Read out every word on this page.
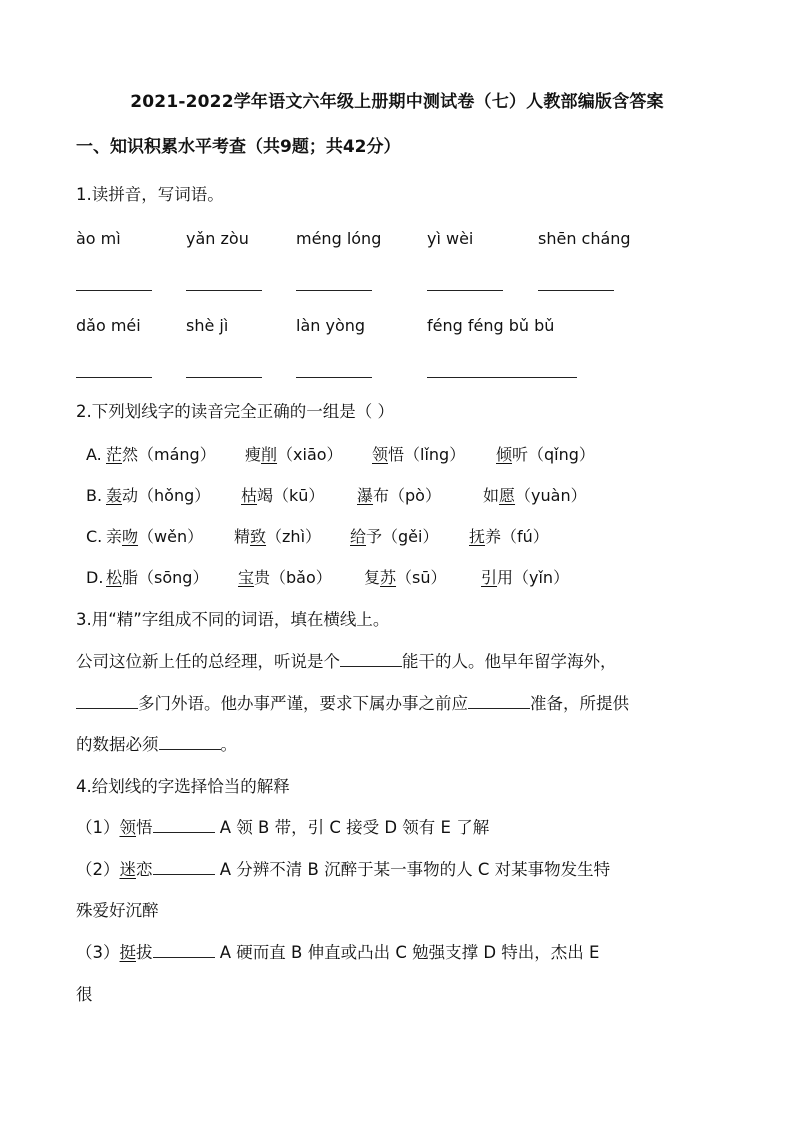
2021-2022学年语文六年级上册期中测试卷（七）人教部编版含答案
一、知识积累水平考查（共9题；共42分）
1.读拼音，写词语。
ào mì	yǎn zòu	méng lóng	yì wèi	shēn cháng
dǎo méi	shè jì	làn yòng	féng féng bǔ bǔ
2.下列划线字的读音完全正确的一组是（ ）
A. 茫然（máng） 瘦削（xiāo） 领悟（lǐng） 倾听（qǐng）
B. 轰动（hǒng） 枯竭（kū） 瀑布（pò）	如愿（yuàn）
C. 亲吻（wěn） 精致（zhì） 给予（gěi） 抚养（fú）
D. 松脂（sōng） 宝贵（bǎo） 复苏（sū） 引用（yǐn）
3.用“精”字组成不同的词语，填在横线上。
公司这位新上任的总经理，听说是个	能干的人。他早年留学海外，
多门外语。他办事严谨，要求下属办事之前应	准备，所提供
的数据必须	。
4.给划线的字选择恰当的解释
（1）领悟	A 领 B 带，引 C 接受 D 领有 E 了解
（2）迷恋	A 分辨不清 B 沉醉于某一事物的人 C 对某事物发生特
殊爱好沉醉
（3）挺拔	A 硬而直 B 伸直或凸出 C 勉强支撑 D 特出，杰出 E
很
